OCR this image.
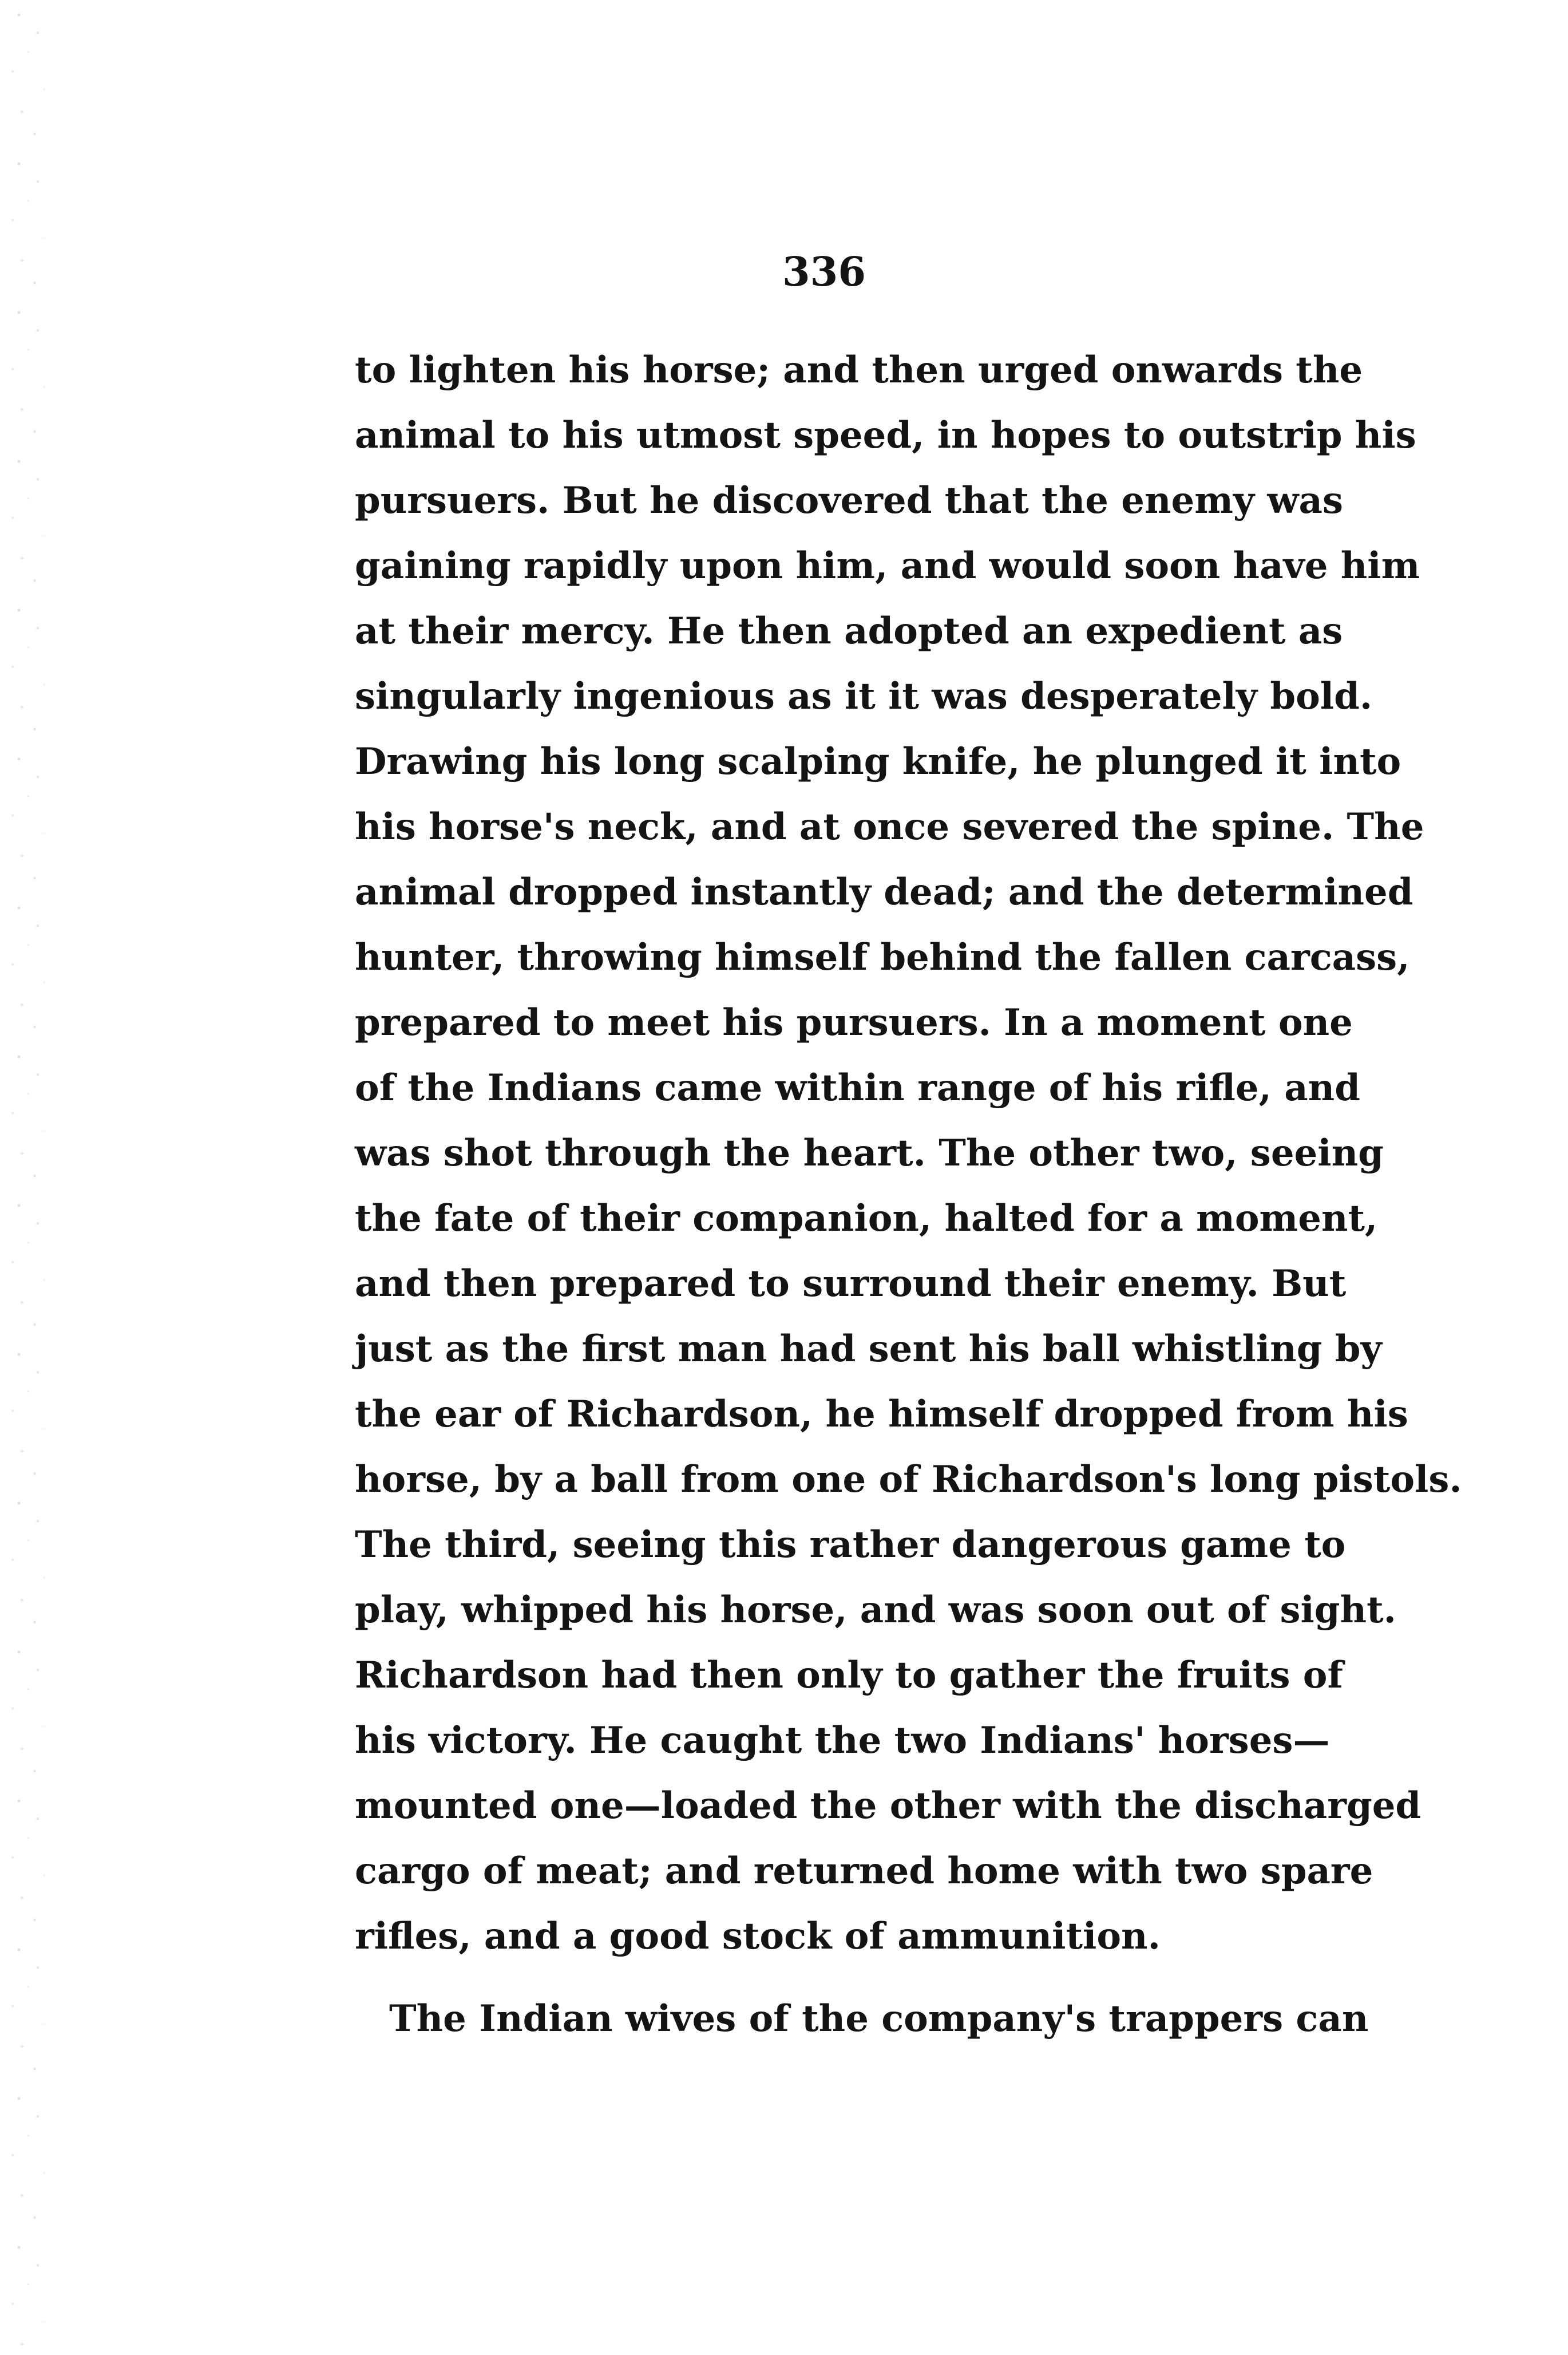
336
to lighten his horse; and then urged onwards the
animal to his utmost speed, in hopes to outstrip his
pursuers. But he discovered that the enemy was
gaining rapidly upon him, and would soon have him
at their mercy. He then adopted an expedient as
singularly ingenious as it it was desperately bold.
Drawing his long scalping knife, he plunged it into
his horse's neck, and at once severed the spine. The
animal dropped instantly dead; and the determined
hunter, throwing himself behind the fallen carcass,
prepared to meet his pursuers. In a moment one
of the Indians came within range of his rifle, and
was shot through the heart. The other two, seeing
the fate of their companion, halted for a moment,
and then prepared to surround their enemy. But
just as the first man had sent his ball whistling by
the ear of Richardson, he himself dropped from his
horse, by a ball from one of Richardson's long pistols.
The third, seeing this rather dangerous game to
play, whipped his horse, and was soon out of sight.
Richardson had then only to gather the fruits of
his victory. He caught the two Indians' horses—
mounted one—loaded the other with the discharged
cargo of meat; and returned home with two spare
rifles, and a good stock of ammunition.
The Indian wives of the company's trappers can
